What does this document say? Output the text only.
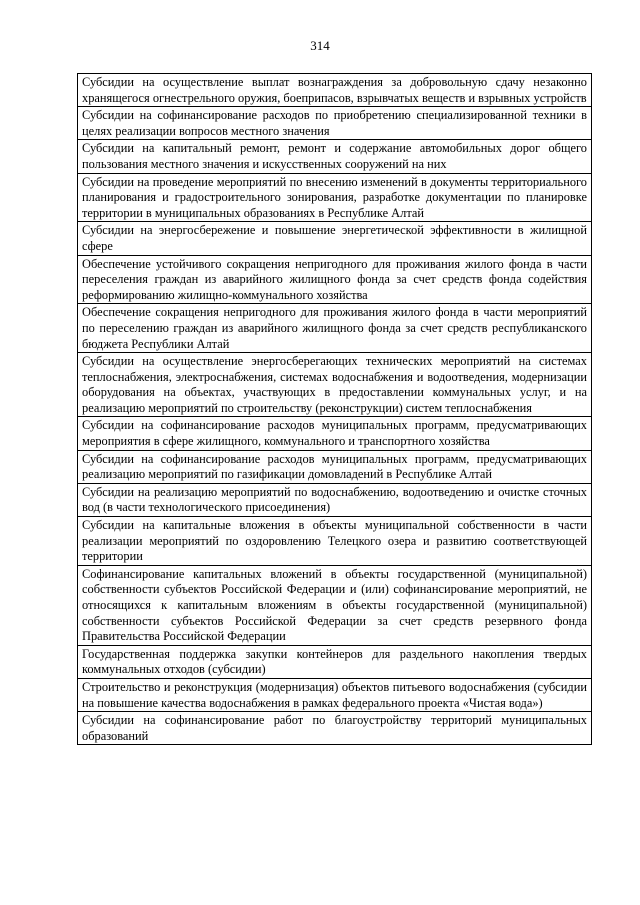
314
Субсидии на осуществление выплат вознаграждения за добровольную сдачу незаконно хранящегося огнестрельного оружия, боеприпасов, взрывчатых веществ и взрывных устройств
Субсидии на софинансирование расходов по приобретению специализированной техники в целях реализации вопросов местного значения
Субсидии на капитальный ремонт, ремонт и содержание автомобильных дорог общего пользования местного значения и искусственных сооружений на них
Субсидии на проведение мероприятий по внесению изменений в документы территориального планирования и градостроительного зонирования, разработке документации по планировке территории в муниципальных образованиях в Республике Алтай
Субсидии на энергосбережение и повышение энергетической эффективности в жилищной сфере
Обеспечение устойчивого сокращения непригодного для проживания жилого фонда в части переселения граждан из аварийного жилищного фонда за счет средств фонда содействия реформированию жилищно-коммунального хозяйства
Обеспечение сокращения непригодного для проживания жилого фонда в части мероприятий по переселению граждан из аварийного жилищного фонда за счет средств республиканского бюджета Республики Алтай
Субсидии на осуществление энергосберегающих технических мероприятий на системах теплоснабжения, электроснабжения, системах водоснабжения и водоотведения, модернизации оборудования на объектах, участвующих в предоставлении коммунальных услуг, и на реализацию мероприятий по строительству (реконструкции) систем теплоснабжения
Субсидии на софинансирование расходов муниципальных программ, предусматривающих мероприятия в сфере жилищного, коммунального и транспортного хозяйства
Субсидии на софинансирование расходов муниципальных программ, предусматривающих реализацию мероприятий по газификации домовладений в Республике Алтай
Субсидии на реализацию мероприятий по водоснабжению, водоотведению и очистке сточных вод (в части технологического присоединения)
Субсидии на капитальные вложения в объекты муниципальной собственности в части реализации мероприятий по оздоровлению Телецкого озера и развитию соответствующей территории
Софинансирование капитальных вложений в объекты государственной (муниципальной) собственности субъектов Российской Федерации и (или) софинансирование мероприятий, не относящихся к капитальным вложениям в объекты государственной (муниципальной) собственности субъектов Российской Федерации за счет средств резервного фонда Правительства Российской Федерации
Государственная поддержка закупки контейнеров для раздельного накопления твердых коммунальных отходов (субсидии)
Строительство и реконструкция (модернизация) объектов питьевого водоснабжения (субсидии на повышение качества водоснабжения в рамках федерального проекта «Чистая вода»)
Субсидии на софинансирование работ по благоустройству территорий муниципальных образований
